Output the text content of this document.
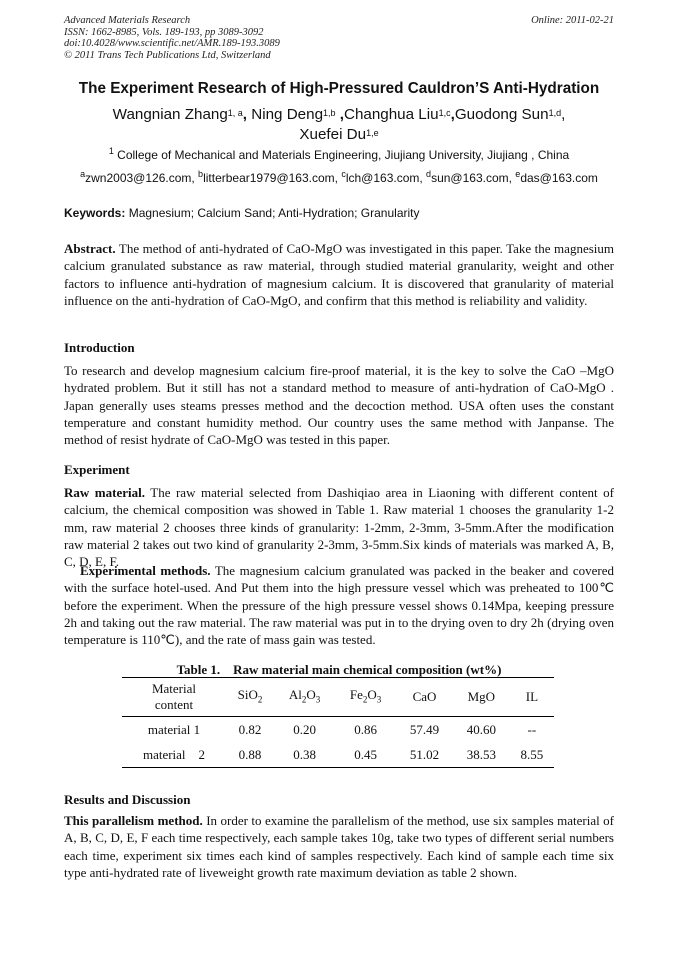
Advanced Materials Research
ISSN: 1662-8985, Vols. 189-193, pp 3089-3092
doi:10.4028/www.scientific.net/AMR.189-193.3089
© 2011 Trans Tech Publications Ltd, Switzerland
Online: 2011-02-21
The Experiment Research of High-Pressured Cauldron’S Anti-Hydration
Wangnian Zhang$^{1, a}$, Ning Deng$^{1,b}$ ,Changhua Liu$^{1,c}$,Guodong Sun$^{1,d}$,
Xuefei Du$^{1,e}$
$^1$ College of Mechanical and Materials Engineering, Jiujiang University, Jiujiang , China
$^a$zwn2003@126.com, $^b$litterbear1979@163.com, $^c$lch@163.com, $^d$sun@163.com, $^e$das@163.com
Keywords: Magnesium; Calcium Sand; Anti-Hydration; Granularity
Abstract. The method of anti-hydrated of CaO-MgO was investigated in this paper. Take the magnesium calcium granulated substance as raw material, through studied material granularity, weight and other factors to influence anti-hydration of magnesium calcium. It is discovered that granularity of material influence on the anti-hydration of CaO-MgO, and confirm that this method is reliability and validity.
Introduction
To research and develop magnesium calcium fire-proof material, it is the key to solve the CaO –MgO hydrated problem. But it still has not a standard method to measure of anti-hydration of CaO-MgO . Japan generally uses steams presses method and the decoction method. USA often uses the constant temperature and constant humidity method. Our country uses the same method with Janpanse. The method of resist hydrate of CaO-MgO was tested in this paper.
Experiment
Raw material. The raw material selected from Dashiqiao area in Liaoning with different content of calcium, the chemical composition was showed in Table 1. Raw material 1 chooses the granularity 1-2 mm, raw material 2 chooses three kinds of granularity: 1-2mm, 2-3mm, 3-5mm.After the modification raw material 2 takes out two kind of granularity 2-3mm, 3-5mm.Six kinds of materials was marked A, B, C, D, E, F.
Experimental methods. The magnesium calcium granulated was packed in the beaker and covered with the surface hotel-used. And Put them into the high pressure vessel which was preheated to 100℃ before the experiment. When the pressure of the high pressure vessel shows 0.14Mpa, keeping pressure 2h and taking out the raw material. The raw material was put in to the drying oven to dry 2h (drying oven temperature is 110℃), and the rate of mass gain was tested.
Table 1.    Raw material main chemical composition (wt%)
Material
content	SiO$_2$	$Al_2O_3$	$Fe_2O_3$	CaO	MgO	IL
material 1	0.82	0.20	0.86	57.49	40.60	--
material    2	0.88	0.38	0.45	51.02	38.53	8.55
Results and Discussion
This parallelism method. In order to examine the parallelism of the method, use six samples material of A, B, C, D, E, F each time respectively, each sample takes 10g, take two types of different serial numbers each time, experiment six times each kind of samples respectively. Each kind of sample each time six type anti-hydrated rate of liveweight growth rate maximum deviation as table 2 shown.
